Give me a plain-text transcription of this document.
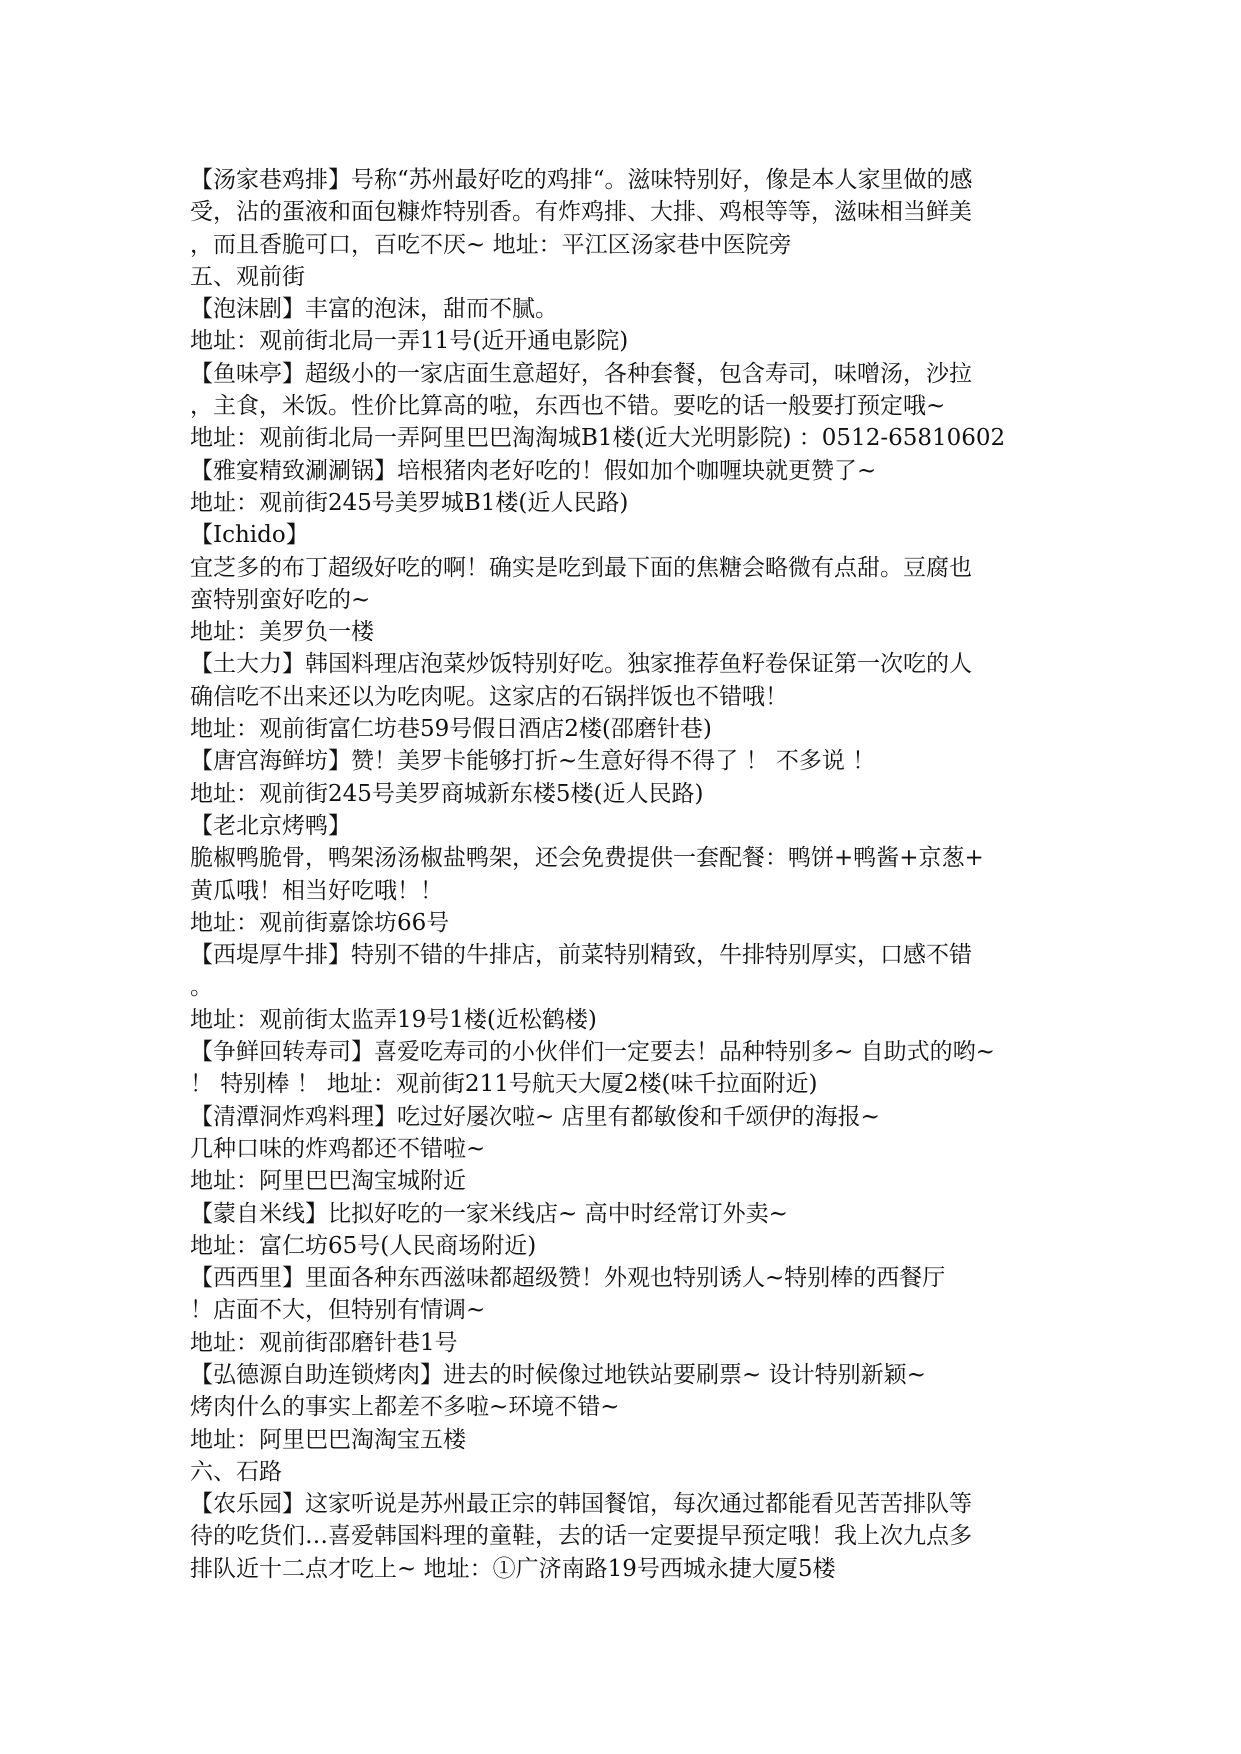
【汤家巷鸡排】号称“苏州最好吃的鸡排“。滋味特别好，像是本人家里做的感
受，沾的蛋液和面包糠炸特别香。有炸鸡排、大排、鸡根等等，滋味相当鲜美
，而且香脆可口，百吃不厌~ 地址：平江区汤家巷中医院旁
五、观前街
【泡沫剧】丰富的泡沫，甜而不腻。
地址：观前街北局一弄11号(近开通电影院)
【鱼味亭】超级小的一家店面生意超好，各种套餐，包含寿司，味噌汤，沙拉
，主食，米饭。性价比算高的啦，东西也不错。要吃的话一般要打预定哦~
地址：观前街北局一弄阿里巴巴淘淘城B1楼(近大光明影院) ：0512-65810602
【雅宴精致涮涮锅】培根猪肉老好吃的！假如加个咖喱块就更赞了~
地址：观前街245号美罗城B1楼(近人民路)
【Ichido】
宜芝多的布丁超级好吃的啊！确实是吃到最下面的焦糖会略微有点甜。豆腐也
蛮特别蛮好吃的~
地址：美罗负一楼
【土大力】韩国料理店泡菜炒饭特别好吃。独家推荐鱼籽卷保证第一次吃的人
确信吃不出来还以为吃肉呢。这家店的石锅拌饭也不错哦！
地址：观前街富仁坊巷59号假日酒店2楼(邵磨针巷)
【唐宫海鲜坊】赞！美罗卡能够打折~生意好得不得了 ！ 不多说 ！
地址：观前街245号美罗商城新东楼5楼(近人民路)
【老北京烤鸭】
脆椒鸭脆骨，鸭架汤汤椒盐鸭架，还会免费提供一套配餐：鸭饼+鸭酱+京葱+
黄瓜哦！相当好吃哦！！
地址：观前街嘉馀坊66号
【西堤厚牛排】特别不错的牛排店，前菜特别精致，牛排特别厚实，口感不错
。
地址：观前街太监弄19号1楼(近松鹤楼)
【争鲜回转寿司】喜爱吃寿司的小伙伴们一定要去！品种特别多~ 自助式的哟~
！ 特别棒 ！ 地址：观前街211号航天大厦2楼(味千拉面附近)
【清潭洞炸鸡料理】吃过好屡次啦~ 店里有都敏俊和千颂伊的海报~
几种口味的炸鸡都还不错啦~
地址：阿里巴巴淘宝城附近
【蒙自米线】比拟好吃的一家米线店~ 高中时经常订外卖~
地址：富仁坊65号(人民商场附近)
【西西里】里面各种东西滋味都超级赞！外观也特别诱人~特别棒的西餐厅
！店面不大，但特别有情调~
地址：观前街邵磨针巷1号
【弘德源自助连锁烤肉】进去的时候像过地铁站要刷票~ 设计特别新颖~
烤肉什么的事实上都差不多啦~环境不错~
地址：阿里巴巴淘淘宝五楼
六、石路
【农乐园】这家听说是苏州最正宗的韩国餐馆，每次通过都能看见苦苦排队等
待的吃货们…喜爱韩国料理的童鞋，去的话一定要提早预定哦！我上次九点多
排队近十二点才吃上~ 地址：①广济南路19号西城永捷大厦5楼
